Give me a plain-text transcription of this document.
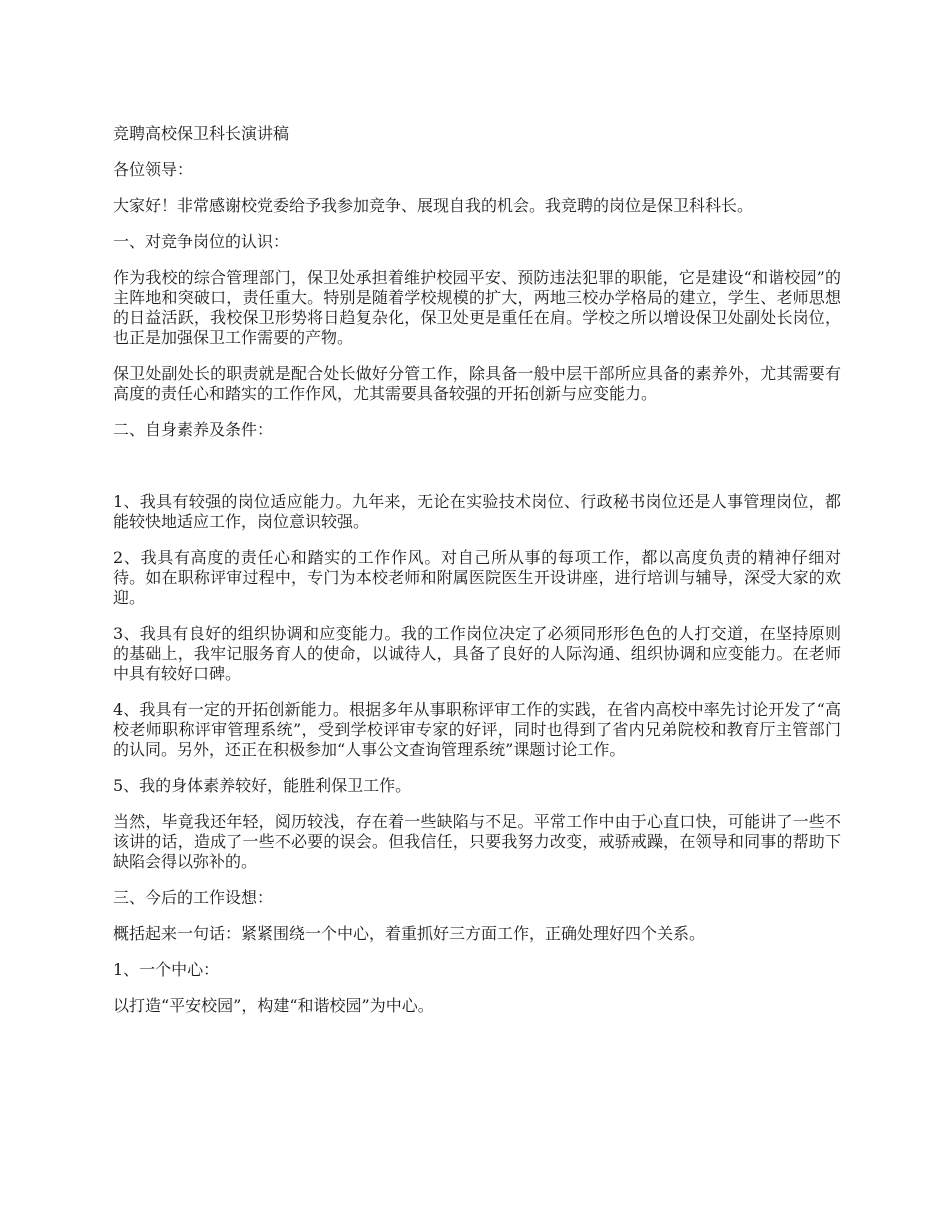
竞聘高校保卫科长演讲稿

各位领导：

大家好！非常感谢校党委给予我参加竞争、展现自我的机会。我竞聘的岗位是保卫科科长。

一、对竞争岗位的认识：

作为我校的综合管理部门，保卫处承担着维护校园平安、预防违法犯罪的职能，它是建设“和谐校园”的主阵地和突破口，责任重大。特别是随着学校规模的扩大，两地三校办学格局的建立，学生、老师思想的日益活跃，我校保卫形势将日趋复杂化，保卫处更是重任在肩。学校之所以增设保卫处副处长岗位，也正是加强保卫工作需要的产物。

保卫处副处长的职责就是配合处长做好分管工作，除具备一般中层干部所应具备的素养外，尤其需要有高度的责任心和踏实的工作作风，尤其需要具备较强的开拓创新与应变能力。

二、自身素养及条件：

1、我具有较强的岗位适应能力。九年来，无论在实验技术岗位、行政秘书岗位还是人事管理岗位，都能较快地适应工作，岗位意识较强。

2、我具有高度的责任心和踏实的工作作风。对自己所从事的每项工作，都以高度负责的精神仔细对待。如在职称评审过程中，专门为本校老师和附属医院医生开设讲座，进行培训与辅导，深受大家的欢迎。

3、我具有良好的组织协调和应变能力。我的工作岗位决定了必须同形形色色的人打交道，在坚持原则的基础上，我牢记服务育人的使命，以诚待人，具备了良好的人际沟通、组织协调和应变能力。在老师中具有较好口碑。

4、我具有一定的开拓创新能力。根据多年从事职称评审工作的实践，在省内高校中率先讨论开发了“高校老师职称评审管理系统”，受到学校评审专家的好评，同时也得到了省内兄弟院校和教育厅主管部门的认同。另外，还正在积极参加“人事公文查询管理系统”课题讨论工作。

5、我的身体素养较好，能胜利保卫工作。

当然，毕竟我还年轻，阅历较浅，存在着一些缺陷与不足。平常工作中由于心直口快，可能讲了一些不该讲的话，造成了一些不必要的误会。但我信任，只要我努力改变，戒骄戒躁，在领导和同事的帮助下缺陷会得以弥补的。

三、今后的工作设想：

概括起来一句话：紧紧围绕一个中心，着重抓好三方面工作，正确处理好四个关系。

1、一个中心：

以打造“平安校园”，构建“和谐校园”为中心。
